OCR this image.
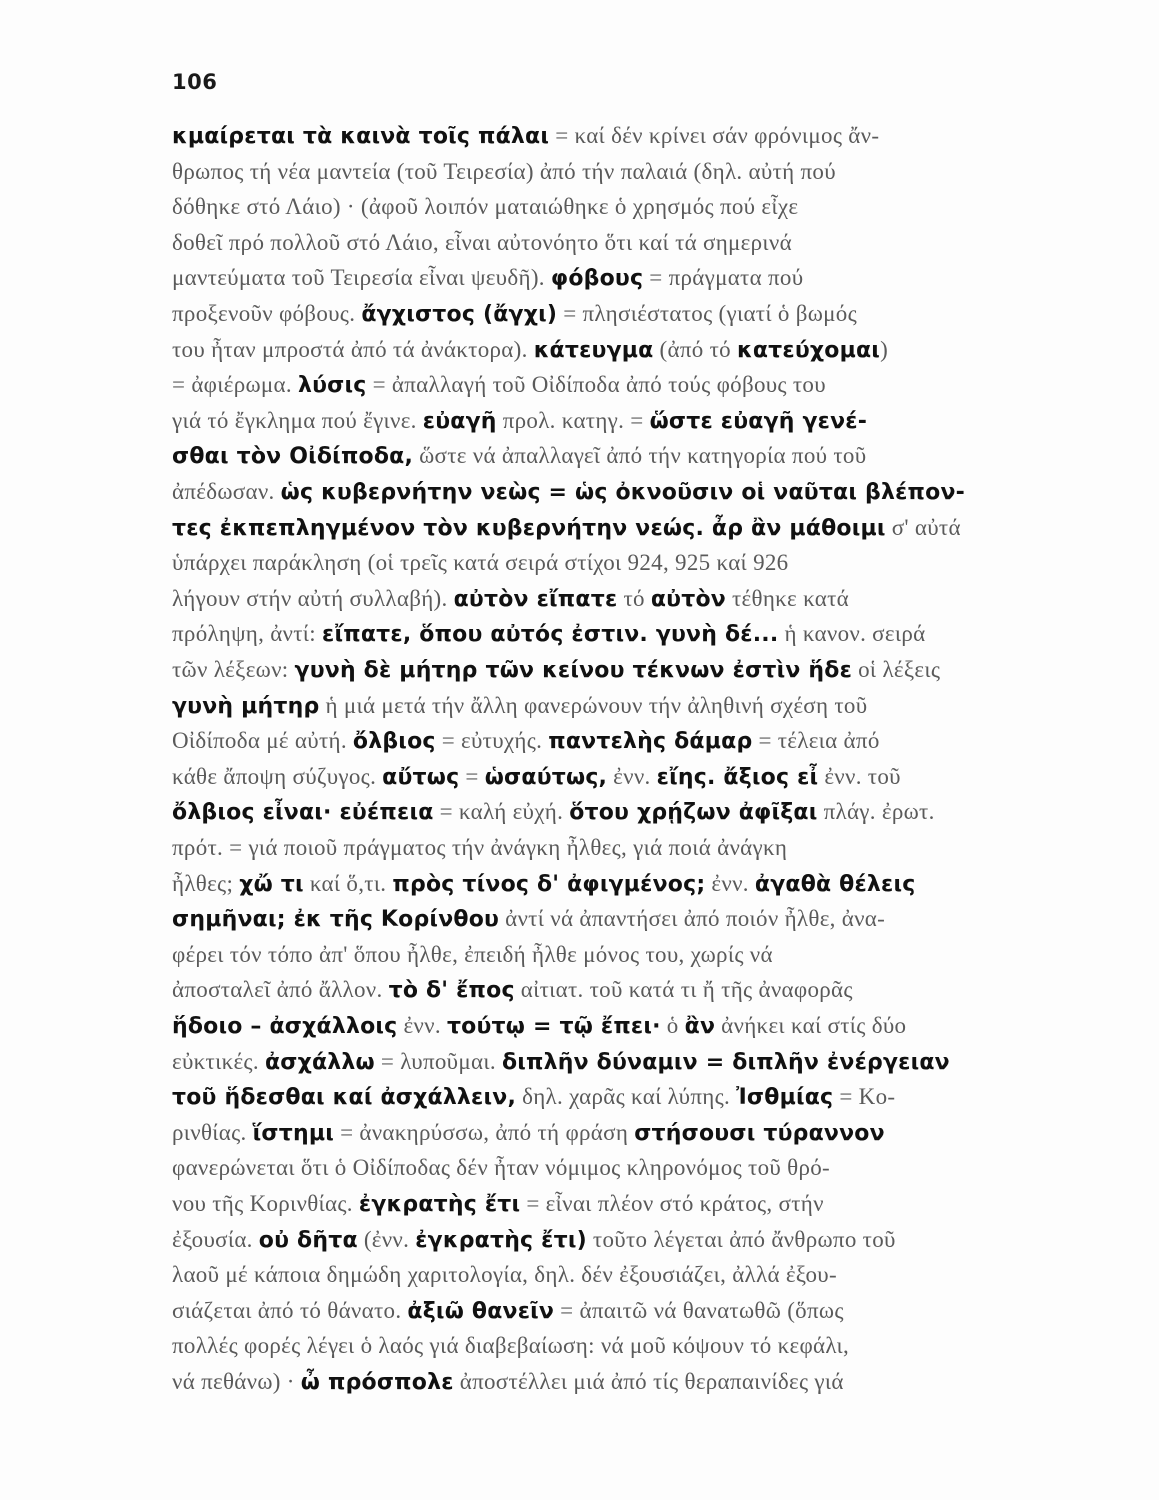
106
κμαίρεται τὰ καινὰ τοῖς πάλαι = καί δέν κρίνει σάν φρόνιμος ἄν-
θρωπος τή νέα μαντεία (τοῦ Τειρεσία) ἀπό τήν παλαιά (δηλ. αὐτή πού
δόθηκε στό Λάιο) · (ἀφοῦ λοιπόν ματαιώθηκε ὁ χρησμός πού εἶχε
δοθεῖ πρό πολλοῦ στό Λάιο, εἶναι αὐτονόητο ὅτι καί τά σημερινά
μαντεύματα τοῦ Τειρεσία εἶναι ψευδῆ). φόβους = πράγματα πού
προξενοῦν φόβους. ἄγχιστος (ἄγχι) = πλησιέστατος (γιατί ὁ βωμός
του ἦταν μπροστά ἀπό τά ἀνάκτορα). κάτευγμα (ἀπό τό κατεύχομαι)
= ἀφιέρωμα. λύσις = ἀπαλλαγή τοῦ Οἰδίποδα ἀπό τούς φόβους του
γιά τό ἔγκλημα πού ἔγινε. εὐαγῆ προλ. κατηγ. = ὥστε εὐαγῆ γενέ-
σθαι τὸν Οἰδίποδα, ὥστε νά ἀπαλλαγεῖ ἀπό τήν κατηγορία πού τοῦ
ἀπέδωσαν. ὡς κυβερνήτην νεὼς = ὡς ὀκνοῦσιν οἱ ναῦται βλέπον-
τες ἐκπεπληγμένον τὸν κυβερνήτην νεώς. ἆρ ἂν μάθοιμι σ' αὐτά
ὑπάρχει παράκληση (οἱ τρεῖς κατά σειρά στίχοι 924, 925 καί 926
λήγουν στήν αὐτή συλλαβή). αὐτὸν εἴπατε τό αὐτὸν τέθηκε κατά
πρόληψη, ἀντί: εἴπατε, ὅπου αὐτός ἐστιν. γυνὴ δέ... ἡ κανον. σειρά
τῶν λέξεων: γυνὴ δὲ μήτηρ τῶν κείνου τέκνων ἐστὶν ἥδε οἱ λέξεις
γυνὴ μήτηρ ἡ μιά μετά τήν ἄλλη φανερώνουν τήν ἀληθινή σχέση τοῦ
Οἰδίποδα μέ αὐτή. ὄλβιος = εὐτυχής. παντελὴς δάμαρ = τέλεια ἀπό
κάθε ἄποψη σύζυγος. αὔτως = ὡσαύτως, ἐνν. εἴης. ἄξιος εἶ ἐνν. τοῦ
ὄλβιος εἶναι· εὐέπεια = καλή εὐχή. ὅτου χρῄζων ἀφῖξαι πλάγ. ἐρωτ.
πρότ. = γιά ποιοῦ πράγματος τήν ἀνάγκη ἦλθες, γιά ποιά ἀνάγκη
ἦλθες; χὤ τι καί ὅ,τι. πρὸς τίνος δ' ἀφιγμένος; ἐνν. ἀγαθὰ θέλεις
σημῆναι; ἐκ τῆς Κορίνθου ἀντί νά ἀπαντήσει ἀπό ποιόν ἦλθε, ἀνα-
φέρει τόν τόπο ἀπ' ὅπου ἦλθε, ἐπειδή ἦλθε μόνος του, χωρίς νά
ἀποσταλεῖ ἀπό ἄλλον. τὸ δ' ἔπος αἰτιατ. τοῦ κατά τι ἤ τῆς ἀναφορᾶς
ἥδοιο – ἀσχάλλοις ἐνν. τούτῳ = τῷ ἔπει· ὁ ἂν ἀνήκει καί στίς δύο
εὐκτικές. ἀσχάλλω = λυποῦμαι. διπλῆν δύναμιν = διπλῆν ἐνέργειαν
τοῦ ἥδεσθαι καί ἀσχάλλειν, δηλ. χαρᾶς καί λύπης. Ἰσθμίας = Κο-
ρινθίας. ἵστημι = ἀνακηρύσσω, ἀπό τή φράση στήσουσι τύραννον
φανερώνεται ὅτι ὁ Οἰδίποδας δέν ἦταν νόμιμος κληρονόμος τοῦ θρό-
νου τῆς Κορινθίας. ἐγκρατὴς ἔτι = εἶναι πλέον στό κράτος, στήν
ἐξουσία. οὐ δῆτα (ἐνν. ἐγκρατὴς ἔτι) τοῦτο λέγεται ἀπό ἄνθρωπο τοῦ
λαοῦ μέ κάποια δημώδη χαριτολογία, δηλ. δέν ἐξουσιάζει, ἀλλά ἐξου-
σιάζεται ἀπό τό θάνατο. ἀξιῶ θανεῖν = ἀπαιτῶ νά θανατωθῶ (ὅπως
πολλές φορές λέγει ὁ λαός γιά διαβεβαίωση: νά μοῦ κόψουν τό κεφάλι,
νά πεθάνω) · ὦ πρόσπολε ἀποστέλλει μιά ἀπό τίς θεραπαινίδες γιά
